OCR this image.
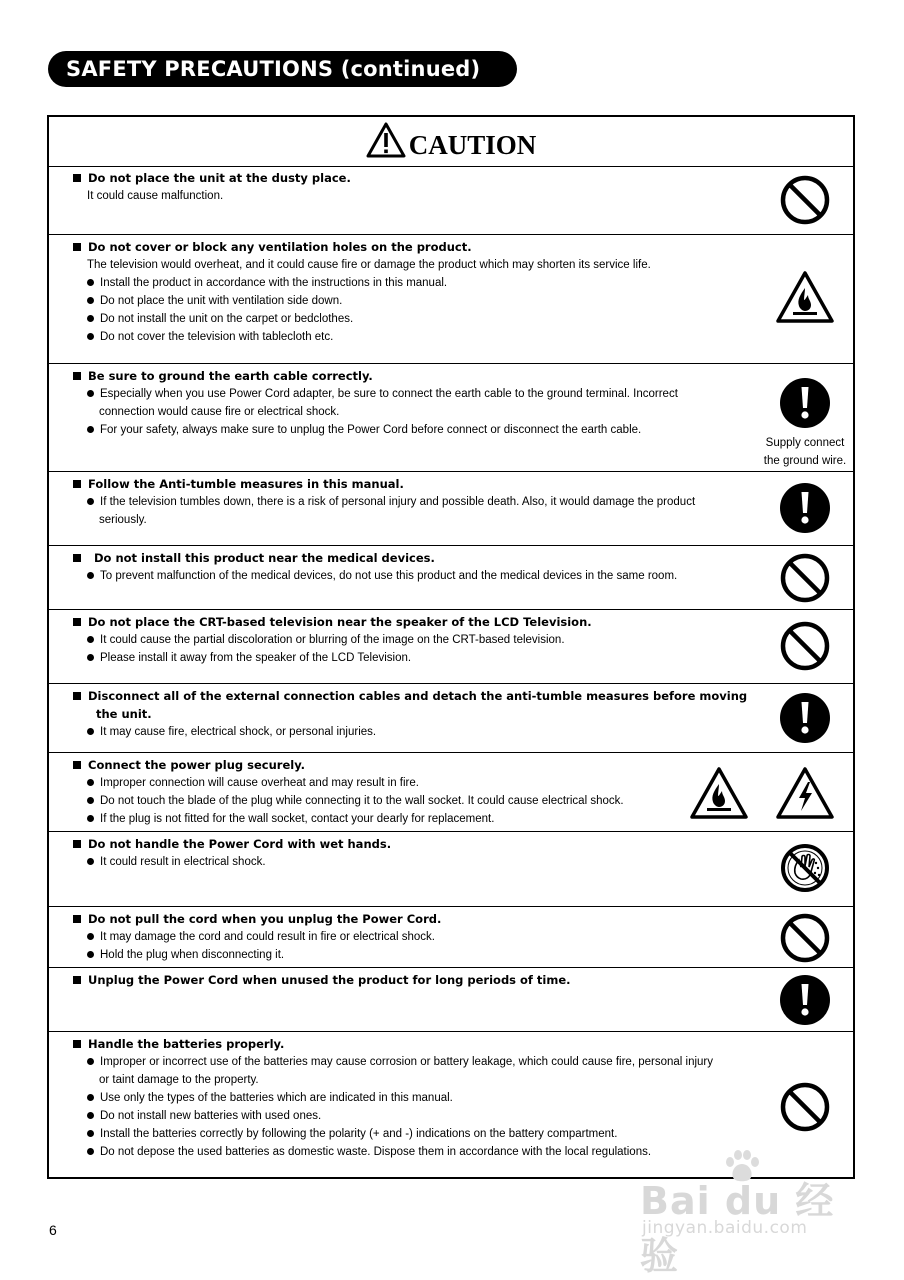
SAFETY PRECAUTIONS (continued)
CAUTION
Do not place the unit at the dusty place.
It could cause malfunction.
Do not cover or block any ventilation holes on the product.
The television would overheat, and it could cause fire or damage the product which may shorten its service life.
Install the product in accordance with the instructions in this manual.
Do not place the unit with ventilation side down.
Do not install the unit on the carpet or bedclothes.
Do not cover the television with tablecloth etc.
Be sure to ground the earth cable correctly.
Especially when you use Power Cord adapter, be sure to connect the earth cable to the ground terminal. Incorrect
connection would cause fire or electrical shock.
For your safety, always make sure to unplug the Power Cord before connect or disconnect the earth cable.
Supply connect
the ground wire.
Follow the Anti-tumble measures in this manual.
If the television tumbles down, there is a risk of personal injury and possible death. Also, it would damage the product
seriously.
Do not install this product near the medical devices.
To prevent malfunction of the medical devices, do not use this product and the medical devices in the same room.
Do not place the CRT-based television near the speaker of the LCD Television.
It could cause the partial discoloration or blurring of the image on the CRT-based television.
Please install it away from the speaker of the LCD Television.
Disconnect all of the external connection cables and detach the anti-tumble measures before moving
the unit.
It may cause fire, electrical shock, or personal injuries.
Connect the power plug securely.
Improper connection will cause overheat and may result in fire.
Do not touch the blade of the plug while connecting it to the wall socket. It could cause electrical shock.
If the plug is not fitted for the wall socket, contact your dearly for replacement.
Do not handle the Power Cord with wet hands.
It could result in electrical shock.
Do not pull the cord when you unplug the Power Cord.
It may damage the cord and could result in fire or electrical shock.
Hold the plug when disconnecting it.
Unplug the Power Cord when unused the product for long periods of time.
Handle the batteries properly.
Improper or incorrect use of the batteries may cause corrosion or battery leakage, which could cause fire, personal injury
or taint damage to the property.
Use only the types of the batteries which are indicated in this manual.
Do not install new batteries with used ones.
Install the batteries correctly by following the polarity (+ and -) indications on the battery compartment.
Do not depose the used batteries as domestic waste. Dispose them in accordance with the local regulations.
6
Bai du 经验
jingyan.baidu.com
